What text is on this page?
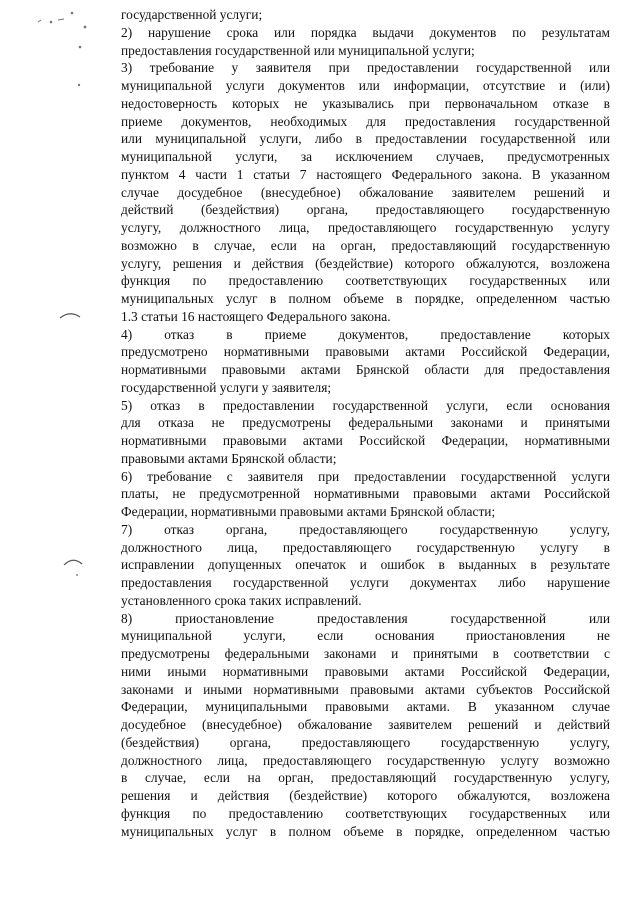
государственной услуги;
2) нарушение срока или порядка выдачи документов по результатам
предоставления государственной или муниципальной услуги;
3) требование у заявителя при предоставлении государственной или
муниципальной услуги документов или информации, отсутствие и (или)
недостоверность которых не указывались при первоначальном отказе в
приеме документов, необходимых для предоставления государственной
или муниципальной услуги, либо в предоставлении государственной или
муниципальной услуги, за исключением случаев, предусмотренных
пунктом 4 части 1 статьи 7 настоящего Федерального закона. В указанном
случае досудебное (внесудебное) обжалование заявителем решений и
действий (бездействия) органа, предоставляющего государственную
услугу, должностного лица, предоставляющего государственную услугу
возможно в случае, если на орган, предоставляющий государственную
услугу, решения и действия (бездействие) которого обжалуются, возложена
функция по предоставлению соответствующих государственных или
муниципальных услуг в полном объеме в порядке, определенном частью
1.3 статьи 16 настоящего Федерального закона.
4) отказ в приеме документов, предоставление которых
предусмотрено нормативными правовыми актами Российской Федерации,
нормативными правовыми актами Брянской области для предоставления
государственной услуги у заявителя;
5) отказ в предоставлении государственной услуги, если основания
для отказа не предусмотрены федеральными законами и принятыми
нормативными правовыми актами Российской Федерации, нормативными
правовыми актами Брянской области;
6) требование с заявителя при предоставлении государственной услуги
платы, не предусмотренной нормативными правовыми актами Российской
Федерации, нормативными правовыми актами Брянской области;
7) отказ органа, предоставляющего государственную услугу,
должностного лица, предоставляющего государственную услугу в
исправлении допущенных опечаток и ошибок в выданных в результате
предоставления государственной услуги документах либо нарушение
установленного срока таких исправлений.
8) приостановление предоставления государственной или
муниципальной услуги, если основания приостановления не
предусмотрены федеральными законами и принятыми в соответствии с
ними иными нормативными правовыми актами Российской Федерации,
законами и иными нормативными правовыми актами субъектов Российской
Федерации, муниципальными правовыми актами. В указанном случае
досудебное (внесудебное) обжалование заявителем решений и действий
(бездействия) органа, предоставляющего государственную услугу,
должностного лица, предоставляющего государственную услугу возможно
в случае, если на орган, предоставляющий государственную услугу,
решения и действия (бездействие) которого обжалуются, возложена
функция по предоставлению соответствующих государственных или
муниципальных услуг в полном объеме в порядке, определенном частью
